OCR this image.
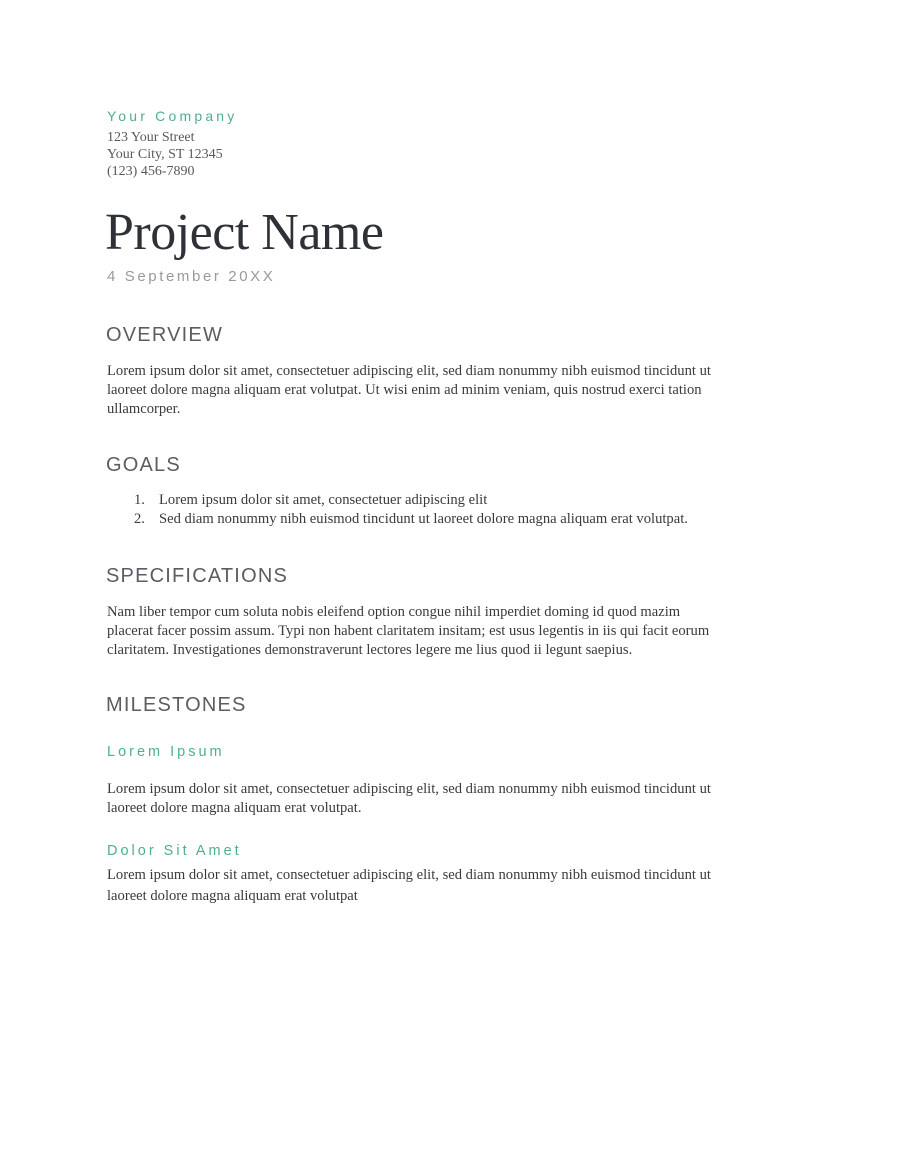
Your Company
123 Your Street
Your City, ST 12345
(123) 456-7890
Project Name
4 September 20XX
OVERVIEW
Lorem ipsum dolor sit amet, consectetuer adipiscing elit, sed diam nonummy nibh euismod tincidunt ut
laoreet dolore magna aliquam erat volutpat. Ut wisi enim ad minim veniam, quis nostrud exerci tation
ullamcorper.
GOALS
1. Lorem ipsum dolor sit amet, consectetuer adipiscing elit
2. Sed diam nonummy nibh euismod tincidunt ut laoreet dolore magna aliquam erat volutpat.
SPECIFICATIONS
Nam liber tempor cum soluta nobis eleifend option congue nihil imperdiet doming id quod mazim
placerat facer possim assum. Typi non habent claritatem insitam; est usus legentis in iis qui facit eorum
claritatem. Investigationes demonstraverunt lectores legere me lius quod ii legunt saepius.
MILESTONES
Lorem Ipsum
Lorem ipsum dolor sit amet, consectetuer adipiscing elit, sed diam nonummy nibh euismod tincidunt ut
laoreet dolore magna aliquam erat volutpat.
Dolor Sit Amet
Lorem ipsum dolor sit amet, consectetuer adipiscing elit, sed diam nonummy nibh euismod tincidunt ut
laoreet dolore magna aliquam erat volutpat
